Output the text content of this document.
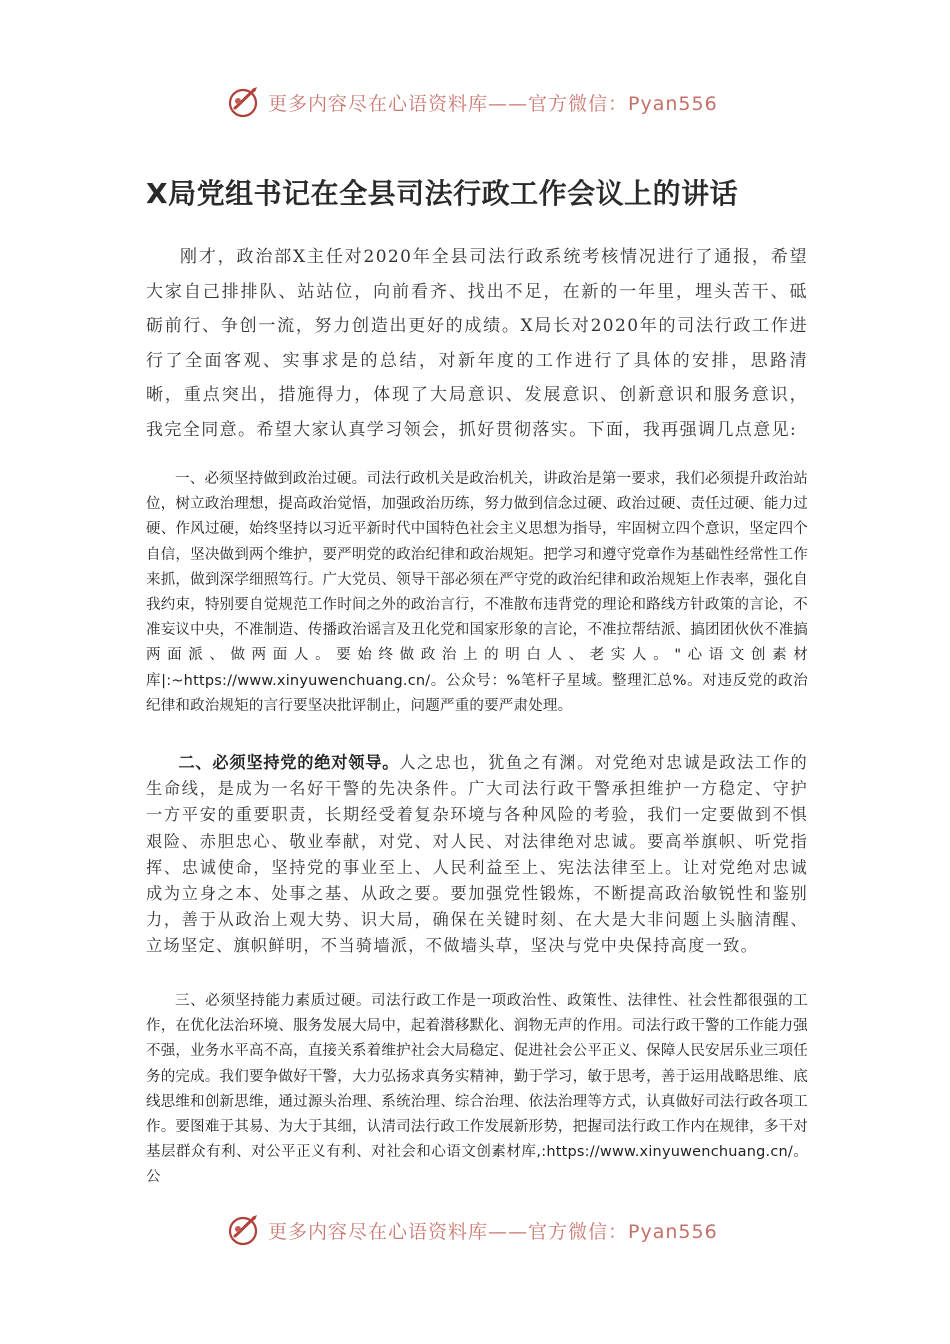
更多内容尽在心语资料库——官方微信：Pyan556
X局党组书记在全县司法行政工作会议上的讲话

刚才，政治部X主任对2020年全县司法行政系统考核情况进行了通报，希望大家自己排排队、站站位，向前看齐、找出不足，在新的一年里，埋头苦干、砥砺前行、争创一流，努力创造出更好的成绩。X局长对2020年的司法行政工作进行了全面客观、实事求是的总结，对新年度的工作进行了具体的安排，思路清晰，重点突出，措施得力，体现了大局意识、发展意识、创新意识和服务意识，我完全同意。希望大家认真学习领会，抓好贯彻落实。下面，我再强调几点意见:

一、必须坚持做到政治过硬。司法行政机关是政治机关，讲政治是第一要求，我们必须提升政治站位，树立政治理想，提高政治觉悟，加强政治历练，努力做到信念过硬、政治过硬、责任过硬、能力过硬、作风过硬，始终坚持以习近平新时代中国特色社会主义思想为指导，牢固树立四个意识，坚定四个自信，坚决做到两个维护，要严明党的政治纪律和政治规矩。把学习和遵守党章作为基础性经常性工作来抓，做到深学细照笃行。广大党员、领导干部必须在严守党的政治纪律和政治规矩上作表率，强化自我约束，特别要自觉规范工作时间之外的政治言行，不准散布违背党的理论和路线方针政策的言论，不准妄议中央，不准制造、传播政治谣言及丑化党和国家形象的言论，不准拉帮结派、搞团团伙伙不准搞两面派、做两面人。要始终做政治上的明白人、老实人。"心语文创素材库|:~https://www.xinyuwenchuang.cn/。公众号：%笔杆子星域。整理汇总%。对违反党的政治纪律和政治规矩的言行要坚决批评制止，问题严重的要严肃处理。

二、必须坚持党的绝对领导。人之忠也，犹鱼之有渊。对党绝对忠诚是政法工作的生命线，是成为一名好干警的先决条件。广大司法行政干警承担维护一方稳定、守护一方平安的重要职责，长期经受着复杂环境与各种风险的考验，我们一定要做到不惧艰险、赤胆忠心、敬业奉献，对党、对人民、对法律绝对忠诚。要高举旗帜、听党指挥、忠诚使命，坚持党的事业至上、人民利益至上、宪法法律至上。让对党绝对忠诚成为立身之本、处事之基、从政之要。要加强党性锻炼，不断提高政治敏锐性和鉴别力，善于从政治上观大势、识大局，确保在关键时刻、在大是大非问题上头脑清醒、立场坚定、旗帜鲜明，不当骑墙派，不做墙头草，坚决与党中央保持高度一致。

三、必须坚持能力素质过硬。司法行政工作是一项政治性、政策性、法律性、社会性都很强的工作，在优化法治环境、服务发展大局中，起着潜移默化、润物无声的作用。司法行政干警的工作能力强不强，业务水平高不高，直接关系着维护社会大局稳定、促进社会公平正义、保障人民安居乐业三项任务的完成。我们要争做好干警，大力弘扬求真务实精神，勤于学习，敏于思考，善于运用战略思维、底线思维和创新思维，通过源头治理、系统治理、综合治理、依法治理等方式，认真做好司法行政各项工作。要图难于其易、为大于其细，认清司法行政工作发展新形势，把握司法行政工作内在规律，多干对基层群众有利、对公平正义有利、对社会和心语文创素材库,:https://www.xinyuwenchuang.cn/。公

更多内容尽在心语资料库——官方微信：Pyan556
